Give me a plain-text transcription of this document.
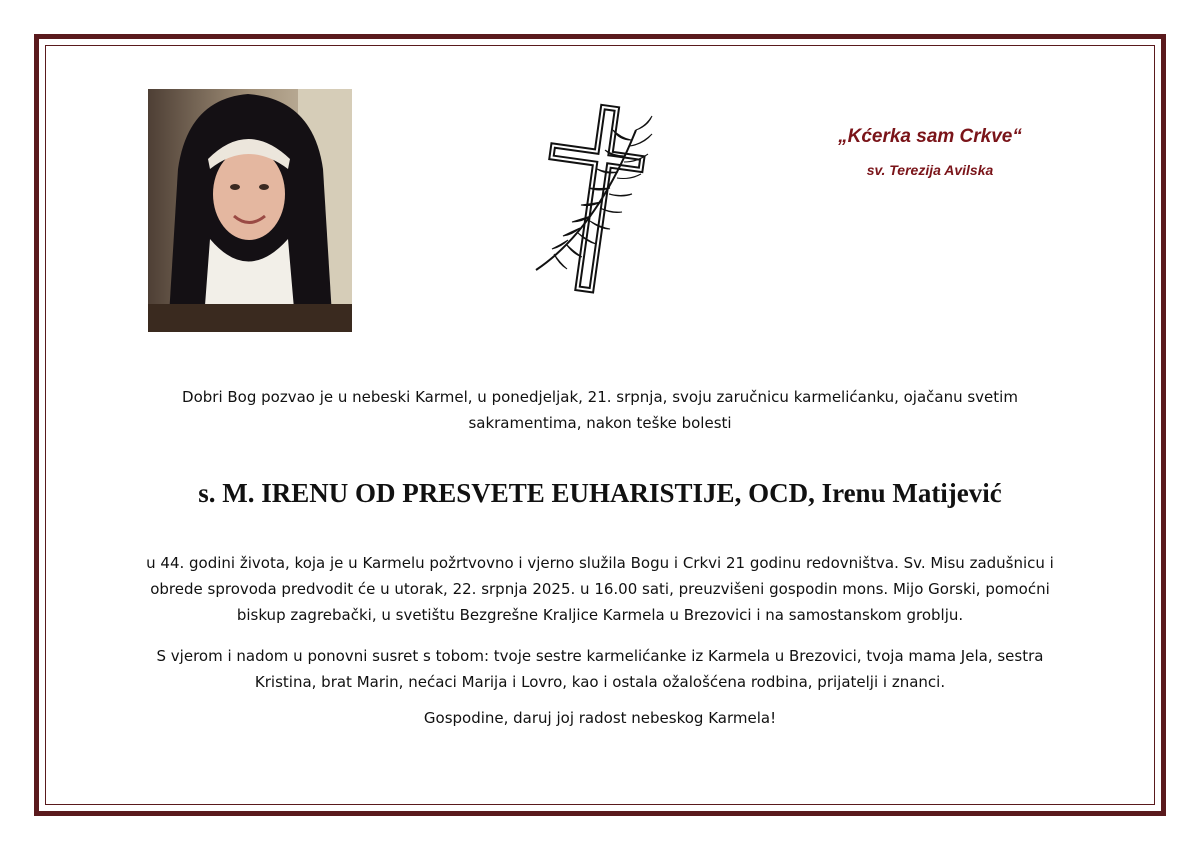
„Kćerka sam Crkve“
sv. Terezija Avilska
Dobri Bog pozvao je u nebeski Karmel, u ponedjeljak, 21. srpnja, svoju zaručnicu karmelićanku, ojačanu svetim
sakramentima, nakon teške bolesti
s. M. IRENU OD PRESVETE EUHARISTIJE, OCD, Irenu Matijević
u 44. godini života, koja je u Karmelu požrtvovno i vjerno služila Bogu i Crkvi 21 godinu redovništva. Sv. Misu zadušnicu i
obrede sprovoda predvodit će u utorak, 22. srpnja 2025. u 16.00 sati, preuzvišeni gospodin mons. Mijo Gorski, pomoćni
biskup zagrebački, u svetištu Bezgrešne Kraljice Karmela u Brezovici i na samostanskom groblju.
S vjerom i nadom u ponovni susret s tobom: tvoje sestre karmelićanke iz Karmela u Brezovici, tvoja mama Jela, sestra
Kristina, brat Marin, nećaci Marija i Lovro, kao i ostala ožalošćena rodbina, prijatelji i znanci.
Gospodine, daruj joj radost nebeskog Karmela!
